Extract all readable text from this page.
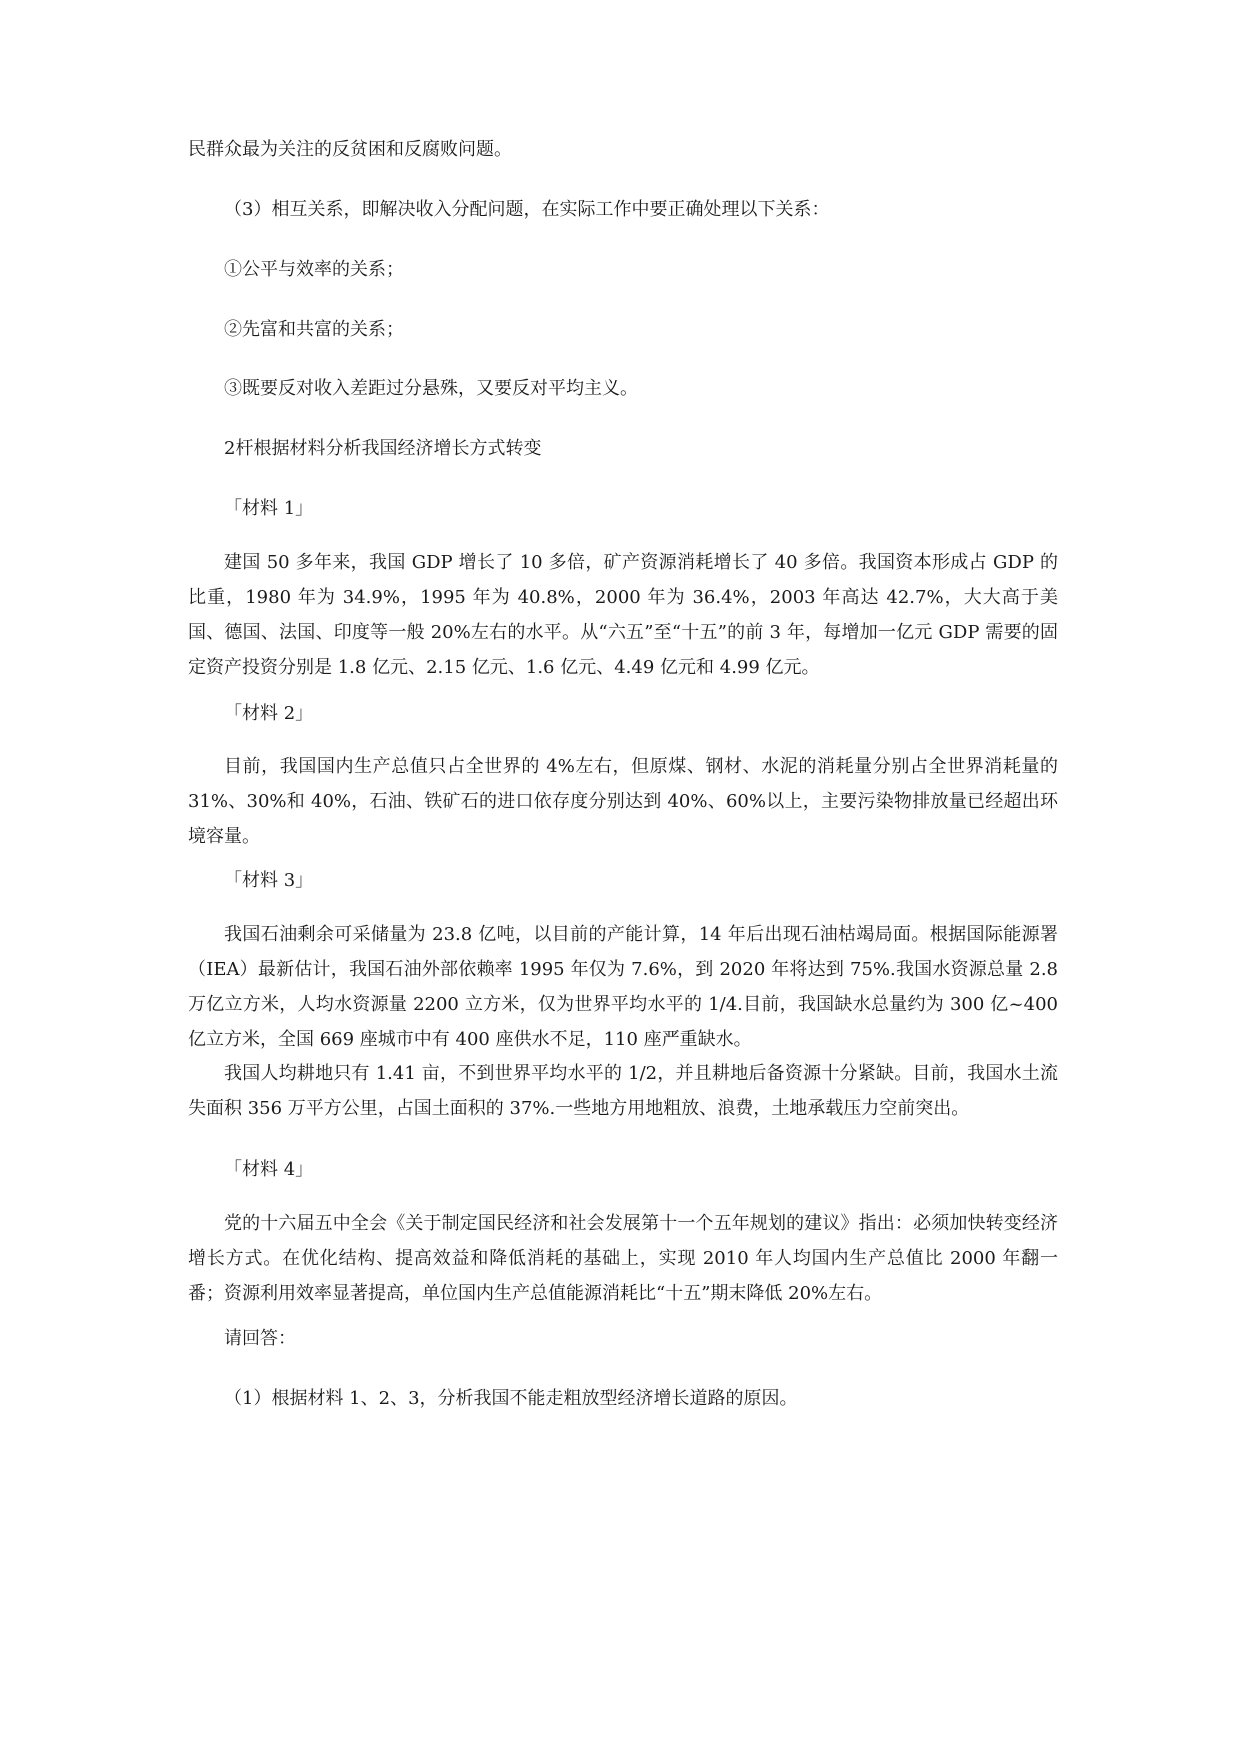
民群众最为关注的反贫困和反腐败问题。
（3）相互关系，即解决收入分配问题，在实际工作中要正确处理以下关系：
①公平与效率的关系；
②先富和共富的关系；
③既要反对收入差距过分悬殊，又要反对平均主义。
2杆根据材料分析我国经济增长方式转变
「材料 1」
建国 50 多年来，我国 GDP 增长了 10 多倍，矿产资源消耗增长了 40 多倍。我国资本形成占 GDP 的比重，1980 年为 34.9%，1995 年为 40.8%，2000 年为 36.4%，2003 年高达 42.7%，大大高于美国、德国、法国、印度等一般 20%左右的水平。从“六五”至“十五”的前 3 年，每增加一亿元 GDP 需要的固定资产投资分别是 1.8 亿元、2.15 亿元、1.6 亿元、4.49 亿元和 4.99 亿元。
「材料 2」
目前，我国国内生产总值只占全世界的 4%左右，但原煤、钢材、水泥的消耗量分别占全世界消耗量的 31%、30%和 40%，石油、铁矿石的进口依存度分别达到 40%、60%以上，主要污染物排放量已经超出环境容量。
「材料 3」
我国石油剩余可采储量为 23.8 亿吨，以目前的产能计算，14 年后出现石油枯竭局面。根据国际能源署（IEA）最新估计，我国石油外部依赖率 1995 年仅为 7.6%，到 2020 年将达到 75%.我国水资源总量 2.8 万亿立方米，人均水资源量 2200 立方米，仅为世界平均水平的 1/4.目前，我国缺水总量约为 300 亿~400 亿立方米，全国 669 座城市中有 400 座供水不足，110 座严重缺水。
我国人均耕地只有 1.41 亩，不到世界平均水平的 1/2，并且耕地后备资源十分紧缺。目前，我国水土流失面积 356 万平方公里，占国土面积的 37%.一些地方用地粗放、浪费，土地承载压力空前突出。
「材料 4」
党的十六届五中全会《关于制定国民经济和社会发展第十一个五年规划的建议》指出：必须加快转变经济增长方式。在优化结构、提高效益和降低消耗的基础上，实现 2010 年人均国内生产总值比 2000 年翻一番；资源利用效率显著提高，单位国内生产总值能源消耗比“十五”期末降低 20%左右。
请回答：
（1）根据材料 1、2、3，分析我国不能走粗放型经济增长道路的原因。
